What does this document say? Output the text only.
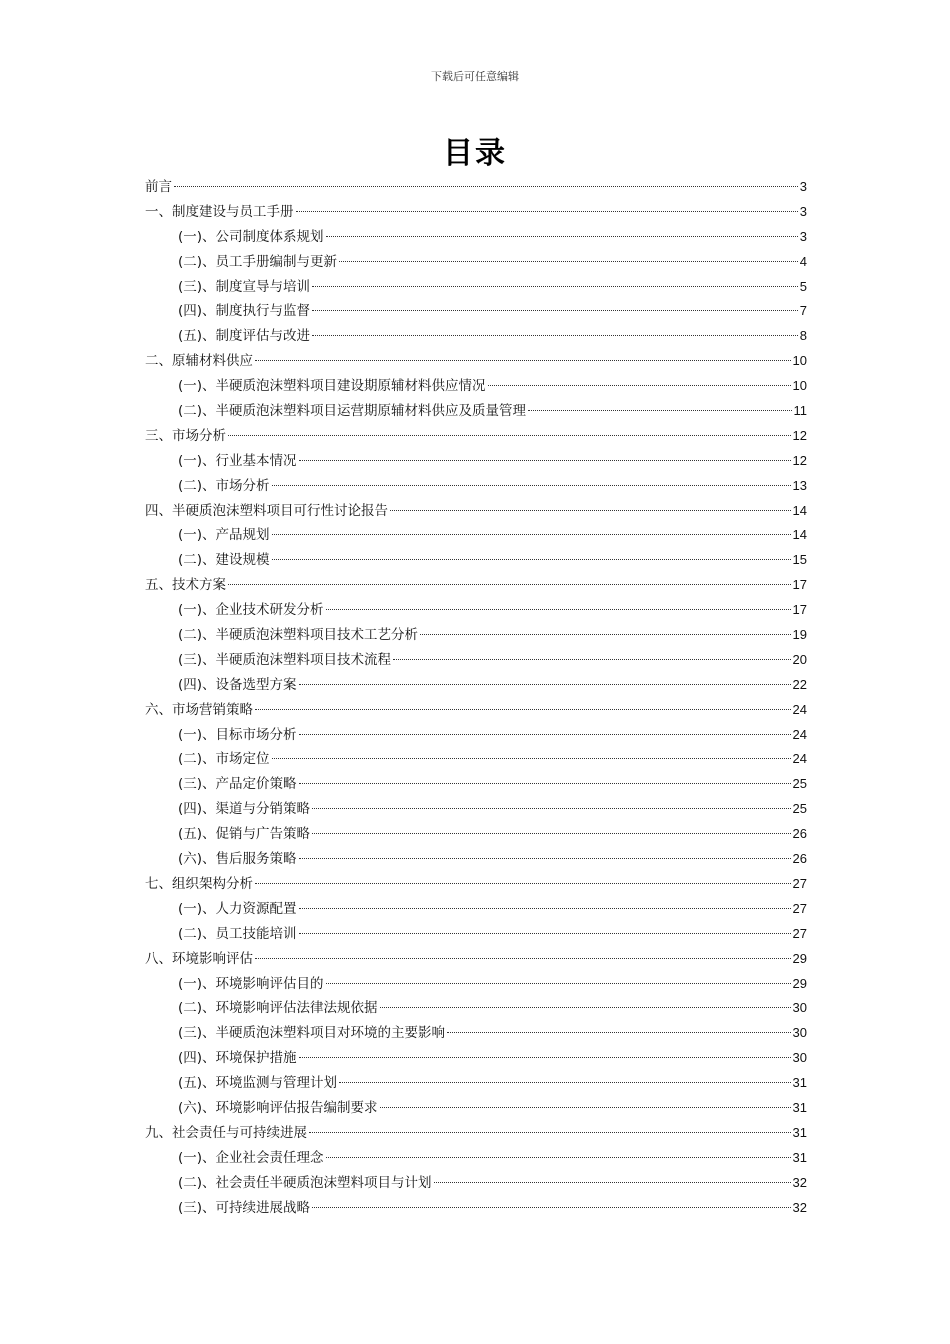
下载后可任意编辑
目录
前言	3
一、制度建设与员工手册	3
(一)、公司制度体系规划	3
(二)、员工手册编制与更新	4
(三)、制度宣导与培训	5
(四)、制度执行与监督	7
(五)、制度评估与改进	8
二、原辅材料供应	10
(一)、半硬质泡沫塑料项目建设期原辅材料供应情况	10
(二)、半硬质泡沫塑料项目运营期原辅材料供应及质量管理	11
三、市场分析	12
(一)、行业基本情况	12
(二)、市场分析	13
四、半硬质泡沫塑料项目可行性讨论报告	14
(一)、产品规划	14
(二)、建设规模	15
五、技术方案	17
(一)、企业技术研发分析	17
(二)、半硬质泡沫塑料项目技术工艺分析	19
(三)、半硬质泡沫塑料项目技术流程	20
(四)、设备选型方案	22
六、市场营销策略	24
(一)、目标市场分析	24
(二)、市场定位	24
(三)、产品定价策略	25
(四)、渠道与分销策略	25
(五)、促销与广告策略	26
(六)、售后服务策略	26
七、组织架构分析	27
(一)、人力资源配置	27
(二)、员工技能培训	27
八、环境影响评估	29
(一)、环境影响评估目的	29
(二)、环境影响评估法律法规依据	30
(三)、半硬质泡沫塑料项目对环境的主要影响	30
(四)、环境保护措施	30
(五)、环境监测与管理计划	31
(六)、环境影响评估报告编制要求	31
九、社会责任与可持续进展	31
(一)、企业社会责任理念	31
(二)、社会责任半硬质泡沫塑料项目与计划	32
(三)、可持续进展战略	32
